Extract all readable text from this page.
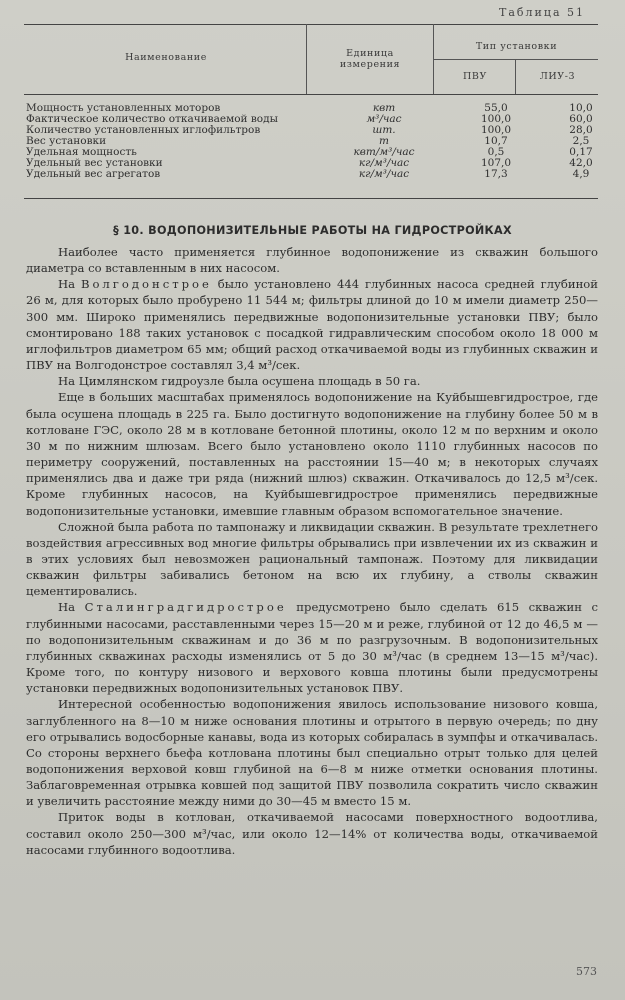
Таблица 51
Наименование	Единица измерения
Тип установки
ПВУ	ЛИУ-3
Мощность установленных моторов	квт	55,0	10,0
Фактическое количество откачиваемой воды	м³/час	100,0	60,0
Количество установленных иглофильтров	шт.	100,0	28,0
Вес установки	т	10,7	2,5
Удельная мощность	квт/м³/час	0,5	0,17
Удельный вес установки	кг/м³/час	107,0	42,0
Удельный вес агрегатов	кг/м³/час	17,3	4,9
§ 10. ВОДОПОНИЗИТЕЛЬНЫЕ РАБОТЫ НА ГИДРОСТРОЙКАХ

Наиболее часто применяется глубинное водопонижение из скважин большого диаметра со вставленным в них насосом.

На Волгодонстрое было установлено 444 глубинных насоса средней глубиной 26 м, для которых было пробурено 11 544 м; фильтры длиной до 10 м имели диаметр 250—300 мм. Широко применялись передвижные водопонизительные установки ПВУ; было смонтировано 188 таких установок с посадкой гидравлическим способом около 18 000 м иглофильтров диаметром 65 мм; общий расход откачиваемой воды из глубинных скважин и ПВУ на Волгодонстрое составлял 3,4 м³/сек.

На Цимлянском гидроузле была осушена площадь в 50 га.

Еще в больших масштабах применялось водопонижение на Куйбышевгидрострое, где была осушена площадь в 225 га. Было достигнуто водопонижение на глубину более 50 м в котловане ГЭС, около 28 м в котловане бетонной плотины, около 12 м по верхним и около 30 м по нижним шлюзам. Всего было установлено около 1110 глубинных насосов по периметру сооружений, поставленных на расстоянии 15—40 м; в некоторых случаях применялись два и даже три ряда (нижний шлюз) скважин. Откачивалось до 12,5 м³/сек. Кроме глубинных насосов, на Куйбышевгидрострое применялись передвижные водопонизительные установки, имевшие главным образом вспомогательное значение.

Сложной была работа по тампонажу и ликвидации скважин. В результате трехлетнего воздействия агрессивных вод многие фильтры обрывались при извлечении их из скважин и в этих условиях был невозможен рациональный тампонаж. Поэтому для ликвидации скважин фильтры забивались бетоном на всю их глубину, а стволы скважин цементировались.

На Сталинградгидрострое предусмотрено было сделать 615 скважин с глубинными насосами, расставленными через 15—20 м и реже, глубиной от 12 до 46,5 м —по водопонизительным скважинам и до 36 м по разгрузочным. В водопонизительных глубинных скважинах расходы изменялись от 5 до 30 м³/час (в среднем 13—15 м³/час). Кроме того, по контуру низового и верхового ковша плотины были предусмотрены установки передвижных водопонизительных установок ПВУ.

Интересной особенностью водопонижения явилось использование низового ковша, заглубленного на 8—10 м ниже основания плотины и отрытого в первую очередь; по дну его отрывались водосборные канавы, вода из которых собиралась в зумпфы и откачивалась. Со стороны верхнего бьефа котлована плотины был специально отрыт только для целей водопонижения верховой ковш глубиной на 6—8 м ниже отметки основания плотины. Заблаговременная отрывка ковшей под защитой ПВУ позволила сократить число скважин и увеличить расстояние между ними до 30—45 м вместо 15 м.

Приток воды в котлован, откачиваемой насосами поверхностного водоотлива, составил около 250—300 м³/час, или около 12—14% от количества воды, откачиваемой насосами глубинного водоотлива.

573
